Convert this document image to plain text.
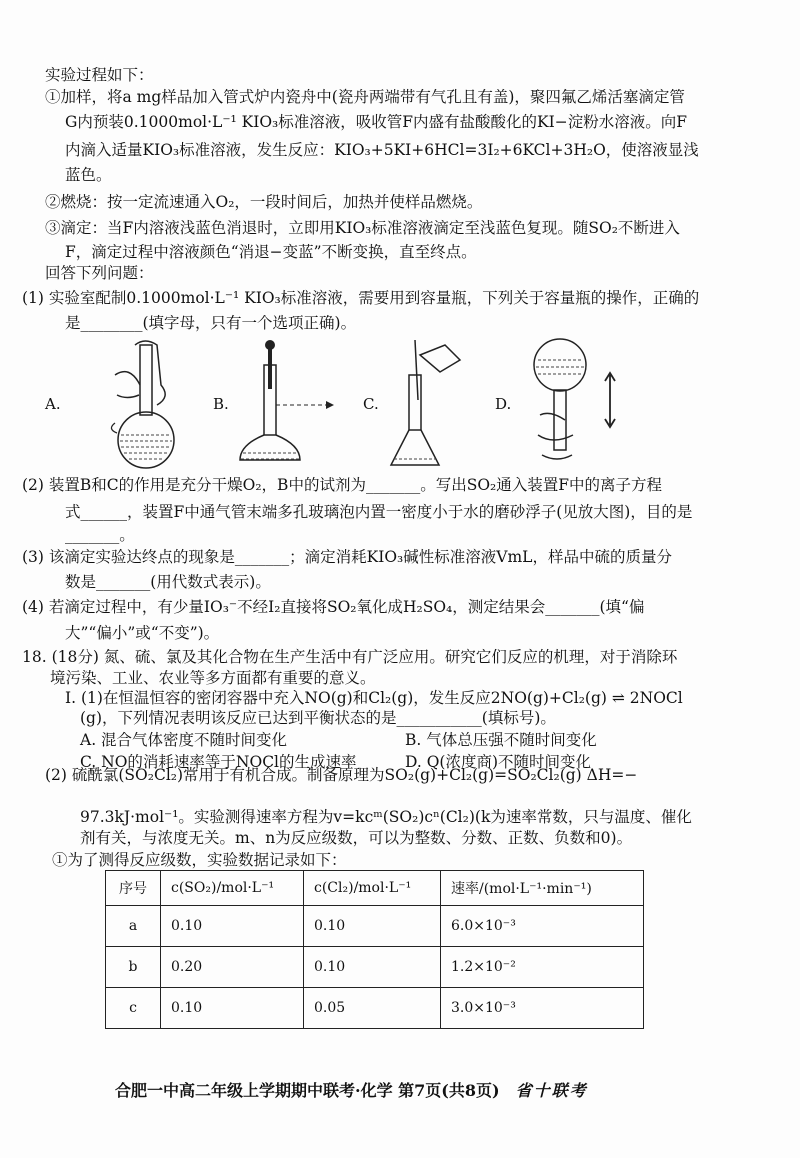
实验过程如下：
①加样，将a mg样品加入管式炉内瓷舟中(瓷舟两端带有气孔且有盖)，聚四氟乙烯活塞滴定管
G内预装0.1000mol·L⁻¹ KIO₃标准溶液，吸收管F内盛有盐酸酸化的KI−淀粉水溶液。向F
内滴入适量KIO₃标准溶液，发生反应：KIO₃+5KI+6HCl=3I₂+6KCl+3H₂O，使溶液显浅
蓝色。
②燃烧：按一定流速通入O₂，一段时间后，加热并使样品燃烧。
③滴定：当F内溶液浅蓝色消退时，立即用KIO₃标准溶液滴定至浅蓝色复现。随SO₂不断进入
F，滴定过程中溶液颜色“消退−变蓝”不断变换，直至终点。
回答下列问题：
(1) 实验室配制0.1000mol·L⁻¹ KIO₃标准溶液，需要用到容量瓶，下列关于容量瓶的操作，正确的
是________(填字母，只有一个选项正确)。
(2) 装置B和C的作用是充分干燥O₂，B中的试剂为_______。写出SO₂通入装置F中的离子方程
式______，装置F中通气管末端多孔玻璃泡内置一密度小于水的磨砂浮子(见放大图)，目的是
_______。
(3) 该滴定实验达终点的现象是_______；滴定消耗KIO₃碱性标准溶液VmL，样品中硫的质量分
数是_______(用代数式表示)。
(4) 若滴定过程中，有少量IO₃⁻不经I₂直接将SO₂氧化成H₂SO₄，测定结果会_______(填“偏
大”“偏小”或“不变”)。
18. (18分) 氮、硫、氯及其化合物在生产生活中有广泛应用。研究它们反应的机理，对于消除环
境污染、工业、农业等多方面都有重要的意义。
Ⅰ. (1)在恒温恒容的密闭容器中充入NO(g)和Cl₂(g)，发生反应2NO(g)+Cl₂(g) ⇌ 2NOCl
(g)，下列情况表明该反应已达到平衡状态的是___________(填标号)。
A. 混合气体密度不随时间变化	B. 气体总压强不随时间变化
C. NO的消耗速率等于NOCl的生成速率	D. Q(浓度商)不随时间变化
(2) 硫酰氯(SO₂Cl₂)常用于有机合成。制备原理为SO₂(g)+Cl₂(g)=SO₂Cl₂(g) ΔH=−
97.3kJ·mol⁻¹。实验测得速率方程为v=kcᵐ(SO₂)cⁿ(Cl₂)(k为速率常数，只与温度、催化
剂有关，与浓度无关。m、n为反应级数，可以为整数、分数、正数、负数和0)。
①为了测得反应级数，实验数据记录如下：
A.	B.	C.	D.
序号	c(SO₂)/mol·L⁻¹	c(Cl₂)/mol·L⁻¹	速率/(mol·L⁻¹·min⁻¹)
a	0.10	0.10	6.0×10⁻³
b	0.20	0.10	1.2×10⁻²
c	0.10	0.05	3.0×10⁻³
合肥一中高二年级上学期期中联考·化学 第7页(共8页) 省十联考
